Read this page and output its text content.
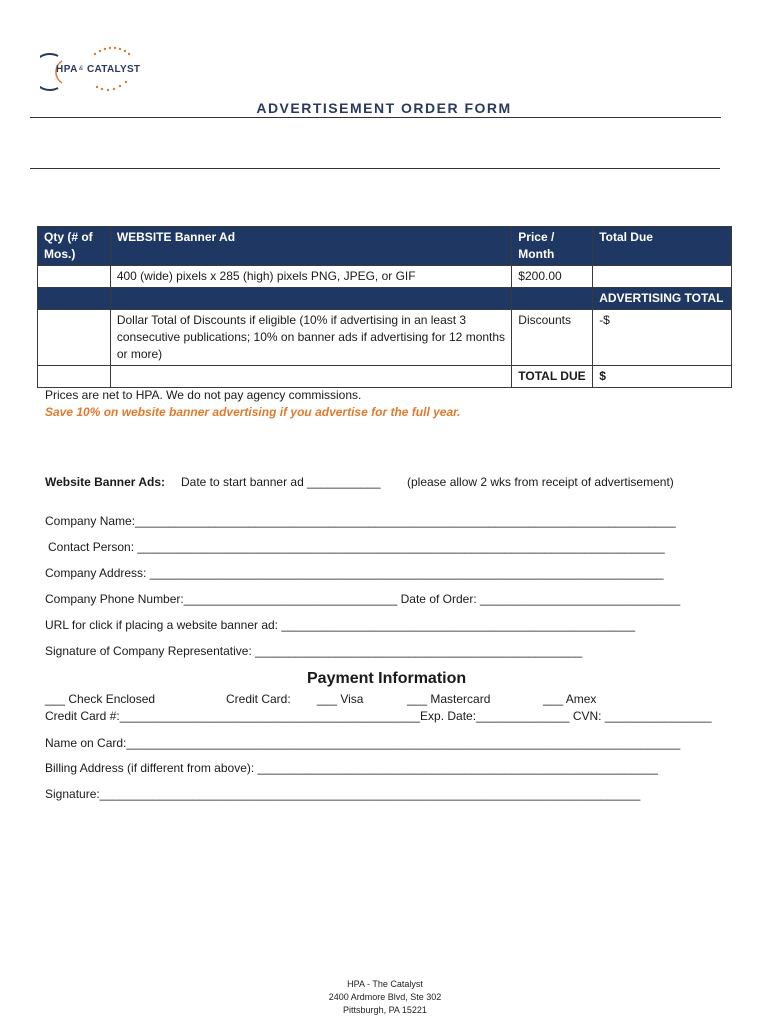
HPA & CATALYST
ADVERTISEMENT ORDER FORM
Qty (# of Mos.)	WEBSITE Banner Ad	Price / Month	Total Due
	400 (wide) pixels x 285 (high) pixels PNG, JPEG, or GIF	$200.00	
			ADVERTISING TOTAL
	Dollar Total of Discounts if eligible (10% if advertising in an least 3 consecutive publications; 10% on banner ads if advertising for 12 months or more)	Discounts	-$
		TOTAL DUE	$
Prices are net to HPA. We do not pay agency commissions.
Save 10% on website banner advertising if you advertise for the full year.
Website Banner Ads: Date to start banner ad ___________ (please allow 2 wks from receipt of advertisement)
Company Name:_________________________________________________________________________________
Contact Person: _______________________________________________________________________________
Company Address: _____________________________________________________________________________
Company Phone Number:________________________________ Date of Order: ______________________________
URL for click if placing a website banner ad: _____________________________________________________
Signature of Company Representative: _________________________________________________
Payment Information
___ Check Enclosed	Credit Card: ___ Visa	___ Mastercard	___ Amex
Credit Card #:_____________________________________________Exp. Date:______________ CVN: ________________
Name on Card:___________________________________________________________________________________
Billing Address (if different from above): ____________________________________________________________
Signature:_________________________________________________________________________________
HPA - The Catalyst
2400 Ardmore Blvd, Ste 302
Pittsburgh, PA 15221
